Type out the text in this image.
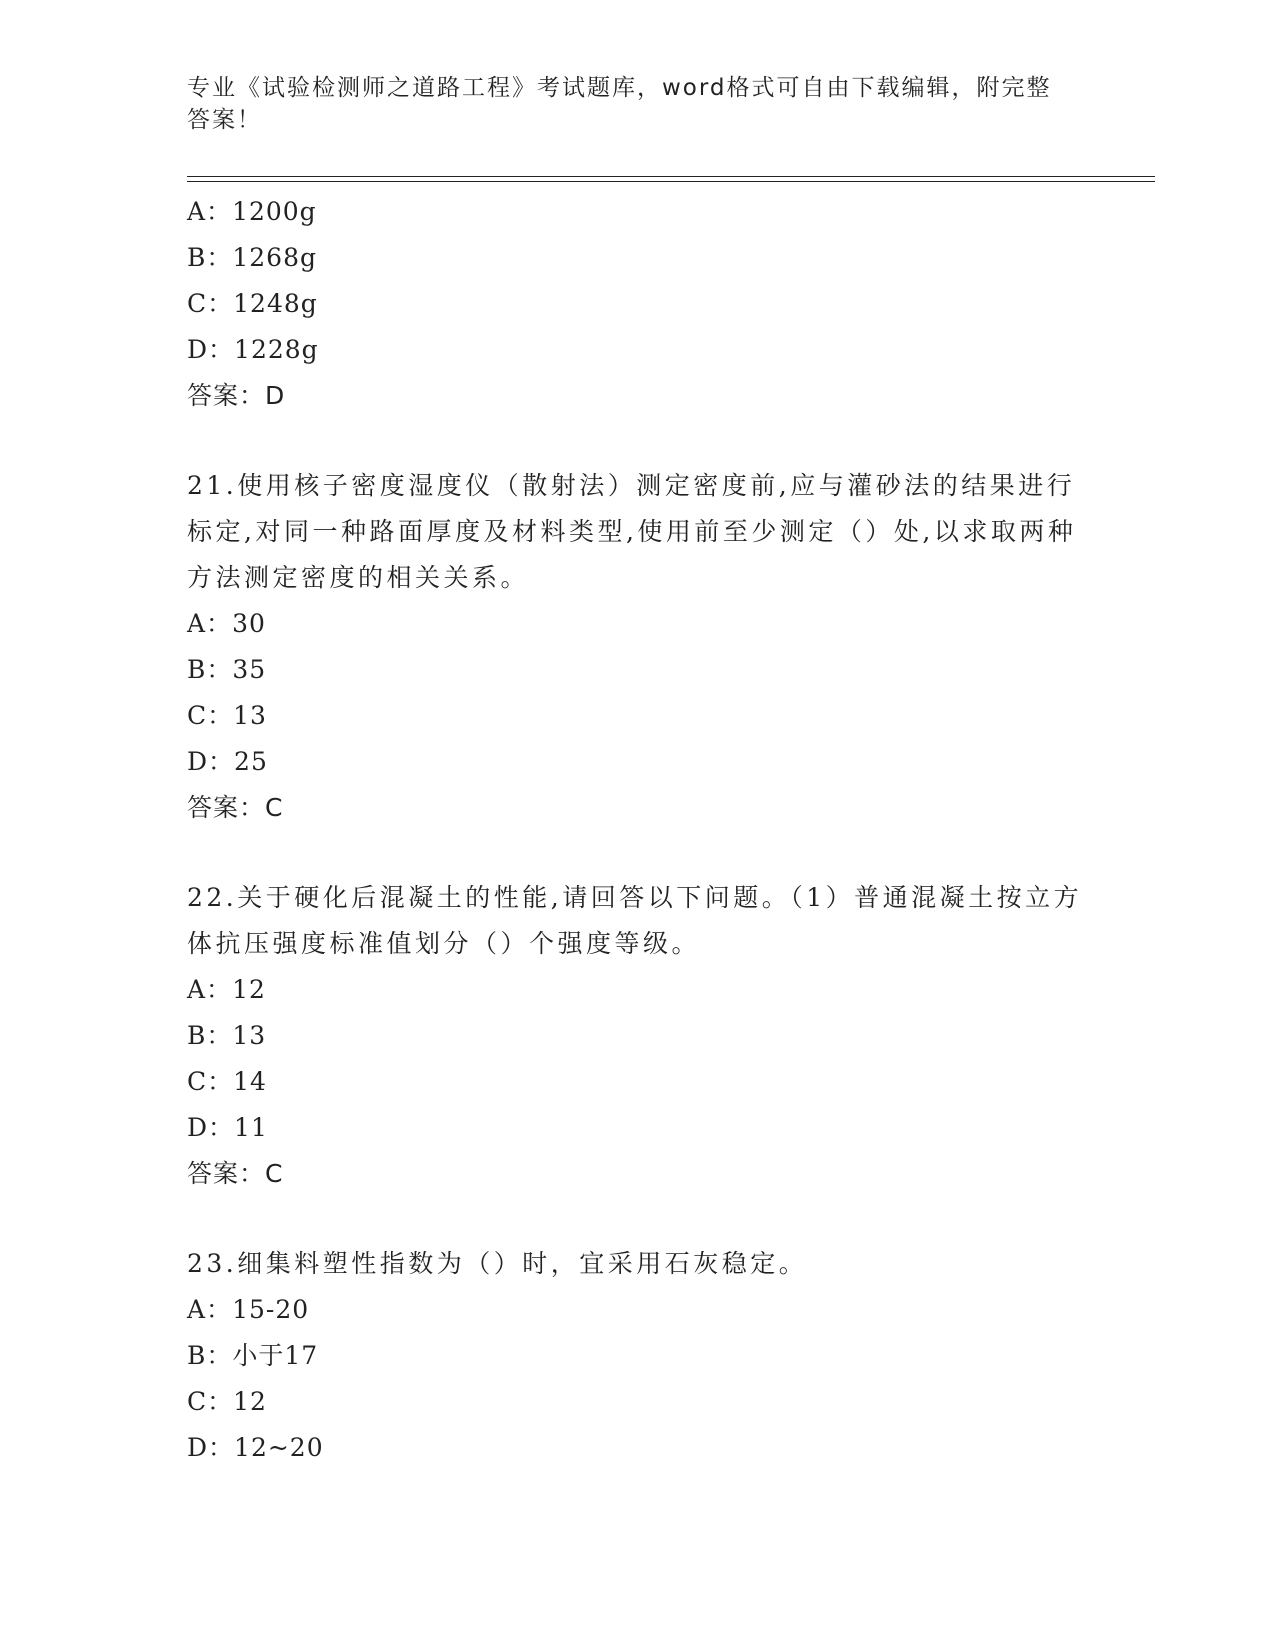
专业《试验检测师之道路工程》考试题库，word格式可自由下载编辑，附完整答案！
A：1200g
B：1268g
C：1248g
D：1228g
答案：D
21.使用核子密度湿度仪（散射法）测定密度前,应与灌砂法的结果进行标定,对同一种路面厚度及材料类型,使用前至少测定（）处,以求取两种方法测定密度的相关关系。
A：30
B：35
C：13
D：25
答案：C
22.关于硬化后混凝土的性能,请回答以下问题。（1）普通混凝土按立方体抗压强度标准值划分（）个强度等级。
A：12
B：13
C：14
D：11
答案：C
23.细集料塑性指数为（）时，宜采用石灰稳定。
A：15-20
B：小于17
C：12
D：12~20
